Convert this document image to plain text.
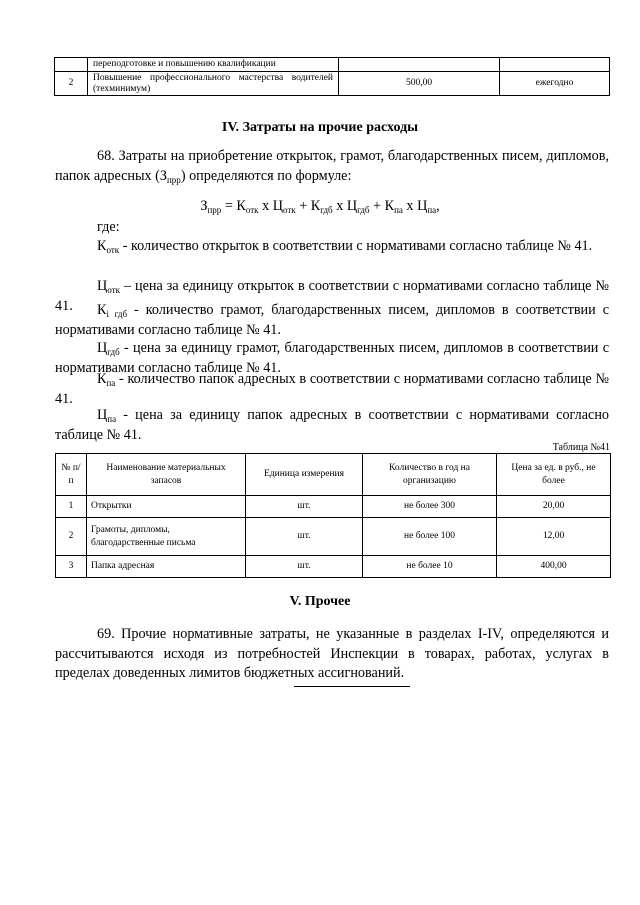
	переподготовке и повышению квалификации		
2	Повышение профессионального мастерства водителей (техминимум)	500,00	ежегодно
IV. Затраты на прочие расходы

68. Затраты на приобретение открыток, грамот, благодарственных писем, дипломов, папок адресных $(З_{прр})$ определяются по формуле:

$З_{прр} = К_{отк}$ х $Ц_{отк} + К_{гдб}$ х $Ц_{гдб} + К_{па}$ х $Ц_{па}$,

где:

$К_{отк}$ - количество открыток в соответствии с нормативами согласно таблице № 41.

$Ц_{отк}$ – цена за единицу открыток в соответствии с нормативами согласно таблице № 41.	$К_{i гдб}$ - количество грамот, благодарственных писем, дипломов в соответствии с нормативами согласно таблице № 41.

$Ц_{гдб}$ - цена за единицу грамот, благодарственных писем, дипломов в соответствии с нормативами согласно таблице № 41.

$К_{па}$ - количество папок адресных в соответствии с нормативами согласно таблице № 41.

$Ц_{па}$ - цена за единицу папок адресных в соответствии с нормативами согласно таблице № 41.

Таблица №41
№ п/п	Наименование материальных запасов	Единица измерения	Количество в год на организацию	Цена за ед. в руб., не более
1	Открытки	шт.	не более 300	20,00
2	Грамоты, дипломы, благодарственные письма	шт.	не более 100	12,00
3	Папка адресная	шт.	не более 10	400,00
V. Прочее

69. Прочие нормативные затраты, не указанные в разделах I-IV, определяются и рассчитываются исходя из потребностей Инспекции в товарах, работах, услугах в пределах доведенных лимитов бюджетных ассигнований.
